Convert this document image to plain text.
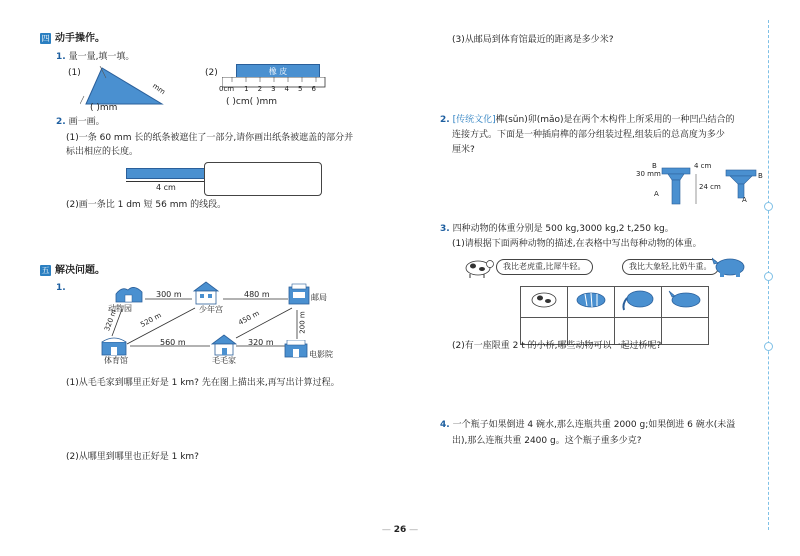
四 动手操作。
1. 量一量,填一填。
(1)
mm
( )mm
(2)	橡 皮
0cm 1 2 3 4 5 6
( )cm( )mm
2. 画一画。
(1)一条 60 mm 长的纸条被遮住了一部分,请你画出纸条被遮盖的部分并
标出相应的长度。
4 cm
(2)画一条比 1 dm 短 56 mm 的线段。
五 解决问题。
1.
动物园	少年宫
邮局
体育馆	毛毛家
电影院
300 m	480 m
320 m	520 m	450 m	200 m
560 m	320 m
(1)从毛毛家到哪里正好是 1 km? 先在图上描出来,再写出计算过程。
(2)从哪里到哪里也正好是 1 km?
(3)从邮局到体育馆最近的距离是多少米?
2. [传统文化]榫(sǔn)卯(mǎo)是在两个木构件上所采用的一种凹凸结合的
连接方式。下面是一种插肩榫的部分组装过程,组装后的总高度为多少
厘米?
30 mm
4 cm
24 cm
B
A
B
A
3. 四种动物的体重分别是 500 kg,3000 kg,2 t,250 kg。
(1)请根据下面两种动物的描述,在表格中写出每种动物的体重。
我比老虎重,比犀牛轻。	我比大象轻,比奶牛重。

(2)有一座限重 2 t 的小桥,哪些动物可以一起过桥呢?
4. 一个瓶子如果倒进 4 碗水,那么连瓶共重 2000 g;如果倒进 6 碗水(未溢
出),那么连瓶共重 2400 g。这个瓶子重多少克?
— 26 —
